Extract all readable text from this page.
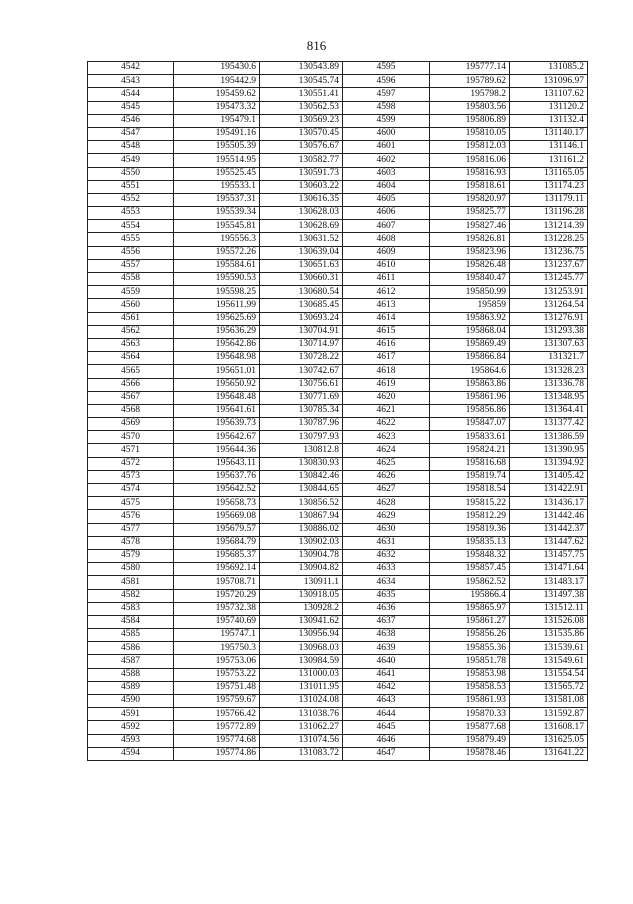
816
4542	195430.6	130543.89	4595	195777.14	131085.2
4543	195442.9	130545.74	4596	195789.62	131096.97
4544	195459.62	130551.41	4597	195798.2	131107.62
4545	195473.32	130562.53	4598	195803.56	131120.2
4546	195479.1	130569.23	4599	195806.89	131132.4
4547	195491.16	130570.45	4600	195810.05	131140.17
4548	195505.39	130576.67	4601	195812.03	131146.1
4549	195514.95	130582.77	4602	195816.06	131161.2
4550	195525.45	130591.73	4603	195816.93	131165.05
4551	195533.1	130603.22	4604	195818.61	131174.23
4552	195537.31	130616.35	4605	195820.97	131179.11
4553	195539.34	130628.03	4606	195825.77	131196.28
4554	195545.81	130628.69	4607	195827.46	131214.39
4555	195556.3	130631.52	4608	195826.81	131228.25
4556	195572.26	130639.04	4609	195823.96	131236.75
4557	195584.61	130651.63	4610	195826.48	131237.67
4558	195590.53	130660.31	4611	195840.47	131245.77
4559	195598.25	130680.54	4612	195850.99	131253.91
4560	195611.99	130685.45	4613	195859	131264.54
4561	195625.69	130693.24	4614	195863.92	131276.91
4562	195636.29	130704.91	4615	195868.04	131293.38
4563	195642.86	130714.97	4616	195869.49	131307.63
4564	195648.98	130728.22	4617	195866.84	131321.7
4565	195651.01	130742.67	4618	195864.6	131328.23
4566	195650.92	130756.61	4619	195863.86	131336.78
4567	195648.48	130771.69	4620	195861.96	131348.95
4568	195641.61	130785.34	4621	195856.86	131364.41
4569	195639.73	130787.96	4622	195847.07	131377.42
4570	195642.67	130797.93	4623	195833.61	131386.59
4571	195644.36	130812.8	4624	195824.21	131390.95
4572	195643.11	130830.93	4625	195816.68	131394.92
4573	195637.76	130842.46	4626	195819.74	131405.42
4574	195642.52	130844.65	4627	195818.54	131422.91
4575	195658.73	130856.52	4628	195815.22	131436.17
4576	195669.08	130867.94	4629	195812.29	131442.46
4577	195679.57	130886.02	4630	195819.36	131442.37
4578	195684.79	130902.03	4631	195835.13	131447.62
4579	195685.37	130904.78	4632	195848.32	131457.75
4580	195692.14	130904.82	4633	195857.45	131471.64
4581	195708.71	130911.1	4634	195862.52	131483.17
4582	195720.29	130918.05	4635	195866.4	131497.38
4583	195732.38	130928.2	4636	195865.97	131512.11
4584	195740.69	130941.62	4637	195861.27	131526.08
4585	195747.1	130956.94	4638	195856.26	131535.86
4586	195750.3	130968.03	4639	195855.36	131539.61
4587	195753.06	130984.59	4640	195851.78	131549.61
4588	195753.22	131000.03	4641	195853.98	131554.54
4589	195751.48	131011.95	4642	195858.53	131565.72
4590	195759.67	131024.08	4643	195861.93	131581.08
4591	195766.42	131038.76	4644	195870.33	131592.87
4592	195772.89	131062.27	4645	195877.68	131608.17
4593	195774.68	131074.56	4646	195879.49	131625.05
4594	195774.86	131083.72	4647	195878.46	131641.22
